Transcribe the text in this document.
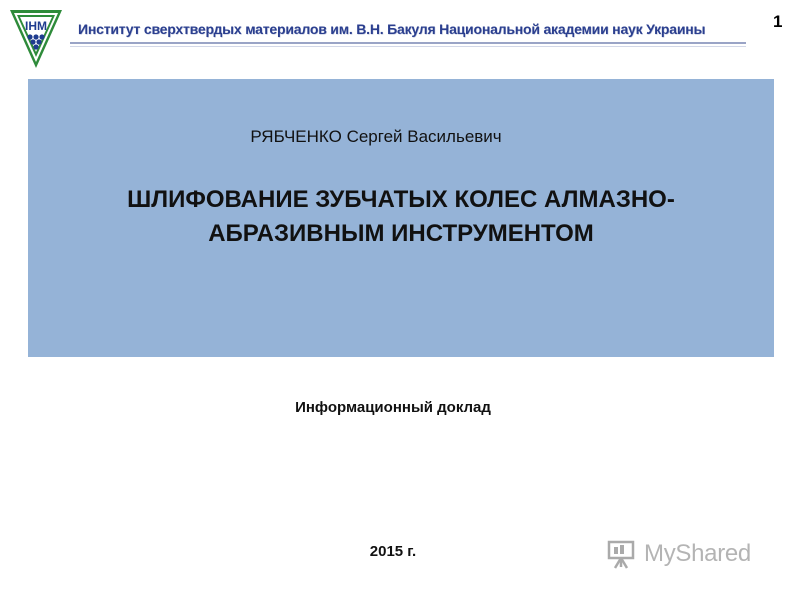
ІНМ Институт сверхтвердых материалов им. В.Н. Бакуля Национальной академии наук Украины	1
РЯБЧЕНКО Сергей Васильевич
ШЛИФОВАНИЕ ЗУБЧАТЫХ КОЛЕС АЛМАЗНО-
АБРАЗИВНЫМ ИНСТРУМЕНТОМ
Информационный доклад
2015 г.	MyShared
